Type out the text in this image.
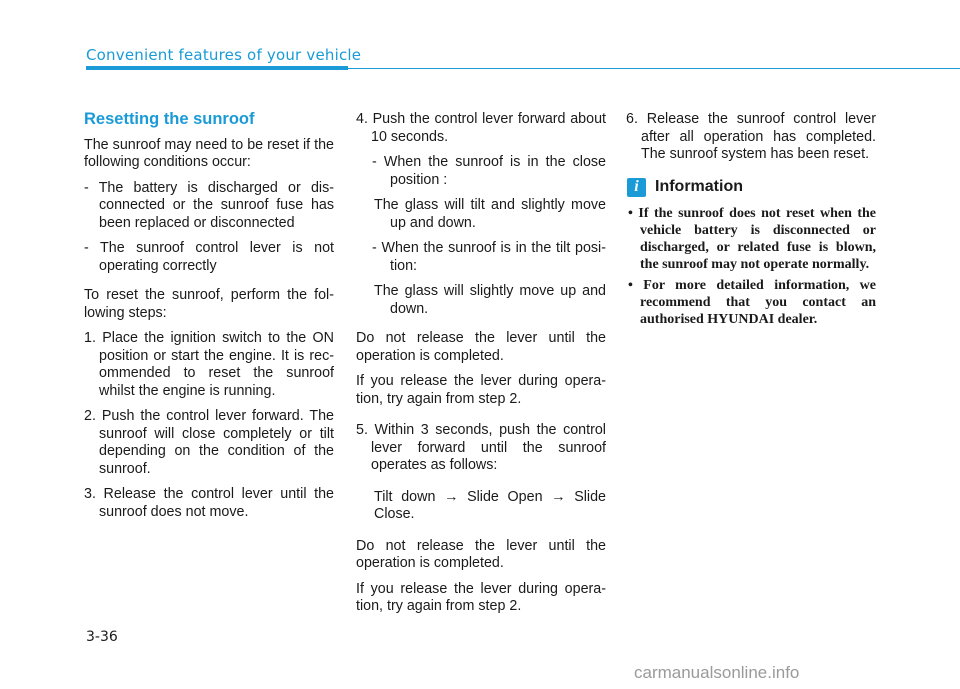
Convenient features of your vehicle

Resetting the sunroof

The sunroof may need to be reset if the following conditions occur:

- The battery is discharged or dis-connected or the sunroof fuse has been replaced or disconnected

- The sunroof control lever is not operating correctly

To reset the sunroof, perform the fol-lowing steps:

1. Place the ignition switch to the ON position or start the engine. It is rec-ommended to reset the sunroof whilst the engine is running.

2. Push the control lever forward. The sunroof will close completely or tilt depending on the condition of the sunroof.

3. Release the control lever until the sunroof does not move.

4. Push the control lever forward about 10 seconds.

- When the sunroof is in the close position :

The glass will tilt and slightly move up and down.

- When the sunroof is in the tilt posi-tion:

The glass will slightly move up and down.

Do not release the lever until the operation is completed.

If you release the lever during opera-tion, try again from step 2.

5. Within 3 seconds, push the control lever forward until the sunroof operates as follows:

Tilt down → Slide Open → Slide Close.

Do not release the lever until the operation is completed.

If you release the lever during opera-tion, try again from step 2.

6. Release the sunroof control lever after all operation has completed. The sunroof system has been reset.

i	Information
• If the sunroof does not reset when the vehicle battery is disconnected or discharged, or related fuse is blown, the sunroof may not operate normally.
• For more detailed information, we recommend that you contact an authorised HYUNDAI dealer.
3-36
carmanualsonline.info
